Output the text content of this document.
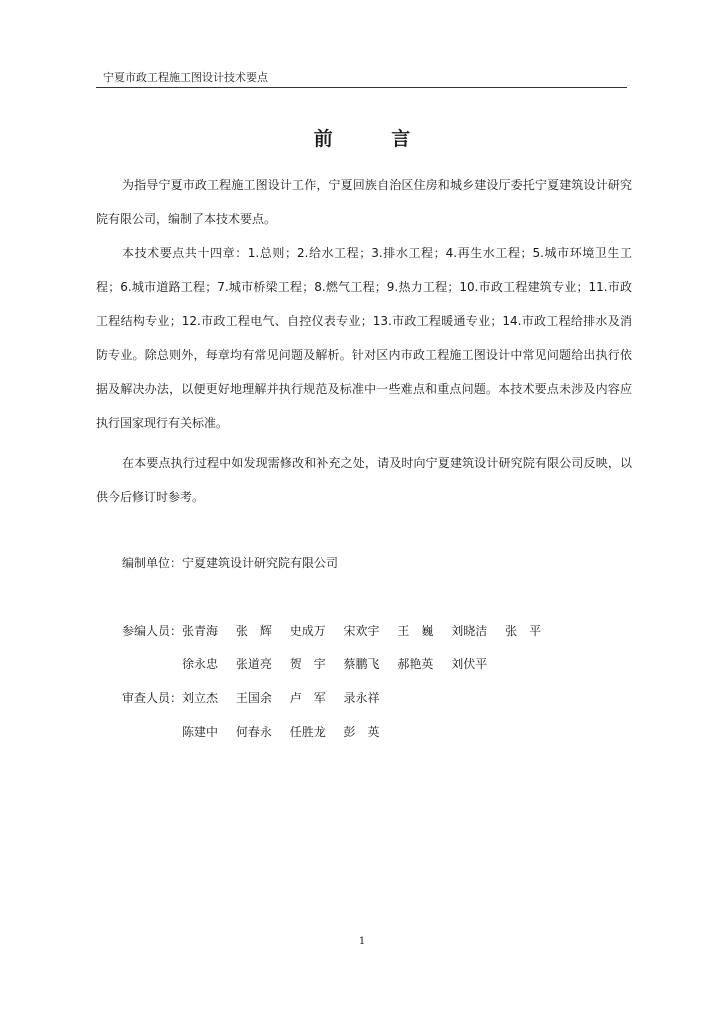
宁夏市政工程施工图设计技术要点
前 言

为指导宁夏市政工程施工图设计工作，宁夏回族自治区住房和城乡建设厅委托宁夏建筑设计研究院有限公司，编制了本技术要点。

本技术要点共十四章：1.总则；2.给水工程；3.排水工程；4.再生水工程；5.城市环境卫生工程；6.城市道路工程；7.城市桥梁工程；8.燃气工程；9.热力工程；10.市政工程建筑专业；11.市政工程结构专业；12.市政工程电气、自控仪表专业；13.市政工程暖通专业；14.市政工程给排水及消防专业。除总则外，每章均有常见问题及解析。针对区内市政工程施工图设计中常见问题给出执行依据及解决办法，以便更好地理解并执行规范及标准中一些难点和重点问题。本技术要点未涉及内容应执行国家现行有关标准。

在本要点执行过程中如发现需修改和补充之处，请及时向宁夏建筑设计研究院有限公司反映，以供今后修订时参考。

编制单位：宁夏建筑设计研究院有限公司
参编人员： 张青海 张　辉 史成万 宋欢宇 王　巍 刘晓洁 张　平
徐永忠 张道亮 贺　宇 蔡鹏飞 郝艳英 刘伏平
审查人员： 刘立杰 王国余 卢　军 录永祥
陈建中 何春永 任胜龙 彭　英
1
